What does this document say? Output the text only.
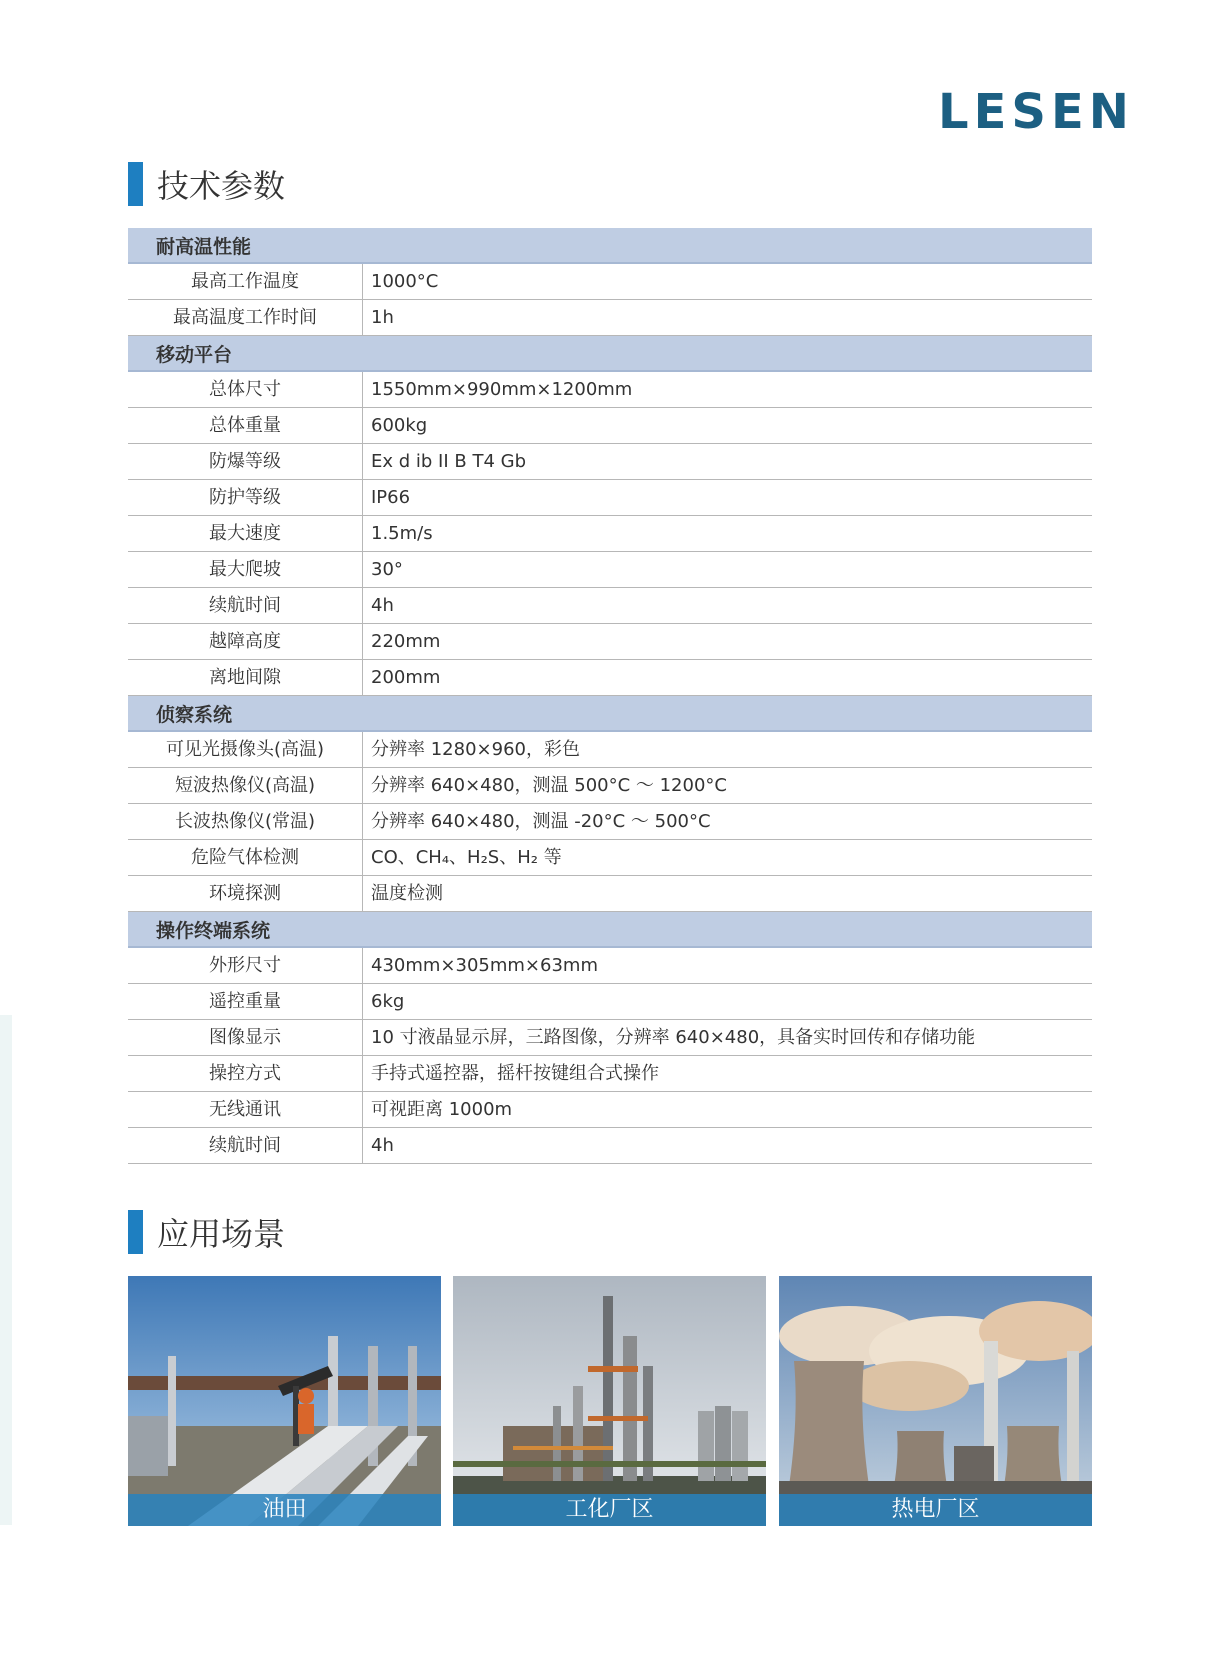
LESEN
技术参数
耐高温性能
最高工作温度	1000°C
最高温度工作时间	1h
移动平台
总体尺寸	1550mm×990mm×1200mm
总体重量	600kg
防爆等级	Ex d ib II B T4 Gb
防护等级	IP66
最大速度	1.5m/s
最大爬坡	30°
续航时间	4h
越障高度	220mm
离地间隙	200mm
侦察系统
可见光摄像头(高温)	分辨率 1280×960，彩色
短波热像仪(高温)	分辨率 640×480，测温 500°C ～ 1200°C
长波热像仪(常温)	分辨率 640×480，测温 -20°C ～ 500°C
危险气体检测	CO、CH₄、H₂S、H₂ 等
环境探测	温度检测
操作终端系统
外形尺寸	430mm×305mm×63mm
遥控重量	6kg
图像显示	10 寸液晶显示屏，三路图像，分辨率 640×480，具备实时回传和存储功能
操控方式	手持式遥控器，摇杆按键组合式操作
无线通讯	可视距离 1000m
续航时间	4h
应用场景
油田	工化厂区	热电厂区
